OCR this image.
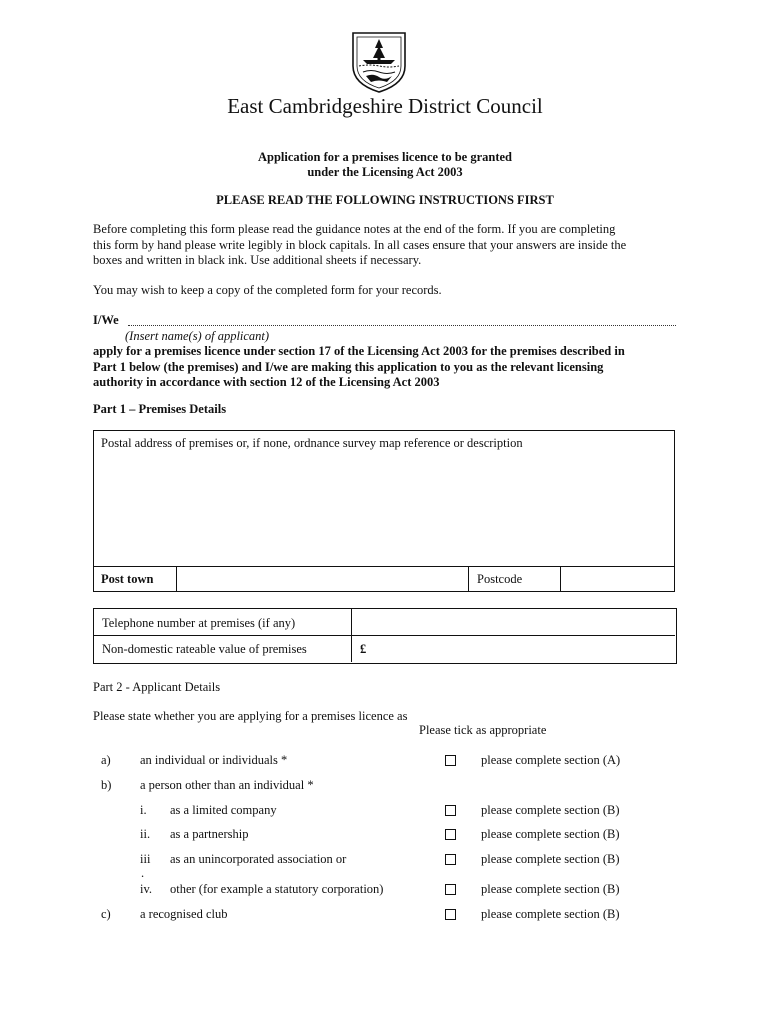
East Cambridgeshire District Council
Application for a premises licence to be granted
under the Licensing Act 2003
PLEASE READ THE FOLLOWING INSTRUCTIONS FIRST
Before completing this form please read the guidance notes at the end of the form. If you are completing
this form by hand please write legibly in block capitals. In all cases ensure that your answers are inside the
boxes and written in black ink. Use additional sheets if necessary.
You may wish to keep a copy of the completed form for your records.
I/We
(Insert name(s) of applicant)
apply for a premises licence under section 17 of the Licensing Act 2003 for the premises described in
Part 1 below (the premises) and I/we are making this application to you as the relevant licensing
authority in accordance with section 12 of the Licensing Act 2003
Part 1 – Premises Details
Postal address of premises or, if none, ordnance survey map reference or description
Post town	Postcode
Telephone number at premises (if any)
Non-domestic rateable value of premises	£
Part 2 - Applicant Details
Please state whether you are applying for a premises licence as
Please tick as appropriate
a) an individual or individuals *	please complete section (A)
b) a person other than an individual *
i. as a limited company	please complete section (B)
ii. as a partnership	please complete section (B)
iii
.
as an unincorporated association or	please complete section (B)
iv. other (for example a statutory corporation)	please complete section (B)
c) a recognised club	please complete section (B)
